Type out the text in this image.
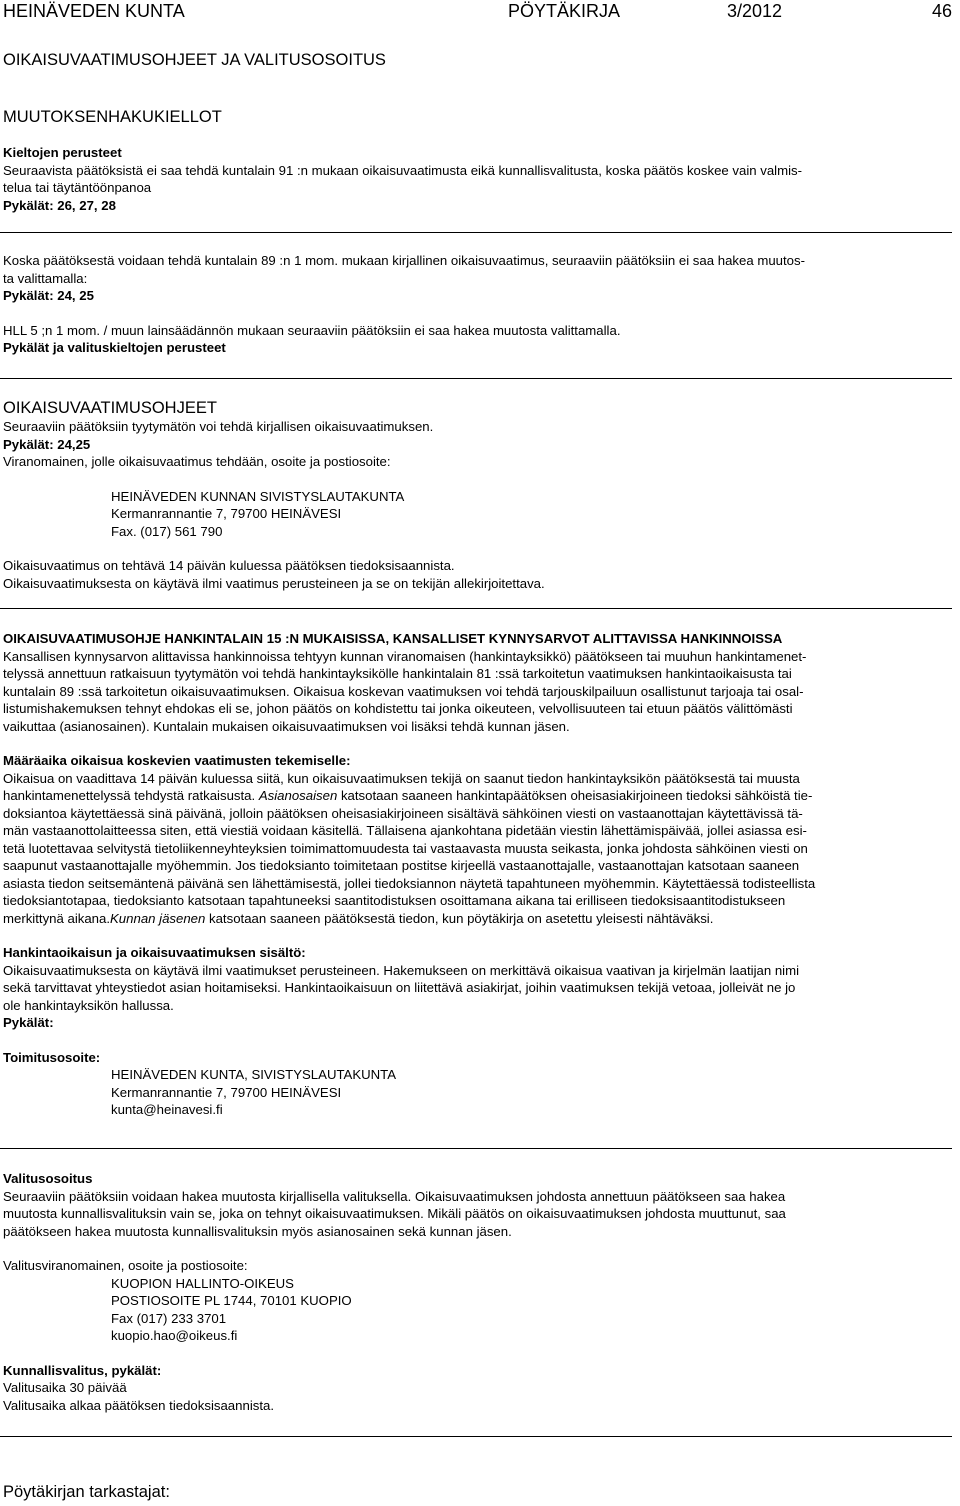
HEINÄVEDEN KUNTA	PÖYTÄKIRJA	3/2012	46
OIKAISUVAATIMUSOHJEET JA VALITUSOSOITUS

MUUTOKSENHAKUKIELLOT

Kieltojen perusteet

Seuraavista päätöksistä ei saa tehdä kuntalain 91 :n mukaan oikaisuvaatimusta eikä kunnallisvalitusta, koska päätös koskee vain valmis-

telua tai täytäntöönpanoa

Pykälät: 26, 27, 28

Koska päätöksestä voidaan tehdä kuntalain 89 :n 1 mom. mukaan kirjallinen oikaisuvaatimus, seuraaviin päätöksiin ei saa hakea muutos-

ta valittamalla:

Pykälät: 24, 25

HLL 5 ;n 1 mom. / muun lainsäädännön mukaan seuraaviin päätöksiin ei saa hakea muutosta valittamalla.

Pykälät ja valituskieltojen perusteet

OIKAISUVAATIMUSOHJEET

Seuraaviin päätöksiin tyytymätön voi tehdä kirjallisen oikaisuvaatimuksen.

Pykälät: 24,25

Viranomainen, jolle oikaisuvaatimus tehdään, osoite ja postiosoite:

HEINÄVEDEN KUNNAN SIVISTYSLAUTAKUNTA

Kermanrannantie 7, 79700 HEINÄVESI

Fax. (017) 561 790

Oikaisuvaatimus on tehtävä 14 päivän kuluessa päätöksen tiedoksisaannista.

Oikaisuvaatimuksesta on käytävä ilmi vaatimus perusteineen ja se on tekijän allekirjoitettava.

OIKAISUVAATIMUSOHJE HANKINTALAIN 15 :N MUKAISISSA, KANSALLISET KYNNYSARVOT ALITTAVISSA HANKINNOISSA

Kansallisen kynnysarvon alittavissa hankinnoissa tehtyyn kunnan viranomaisen (hankintayksikkö) päätökseen tai muuhun hankintamenet-

telyssä annettuun ratkaisuun tyytymätön voi tehdä hankintayksikölle hankintalain 81 :ssä tarkoitetun vaatimuksen hankintaoikaisusta tai

kuntalain 89 :ssä tarkoitetun oikaisuvaatimuksen. Oikaisua koskevan vaatimuksen voi tehdä tarjouskilpailuun osallistunut tarjoaja tai osal-

listumishakemuksen tehnyt ehdokas eli se, johon päätös on kohdistettu tai jonka oikeuteen, velvollisuuteen tai etuun päätös välittömästi

vaikuttaa (asianosainen). Kuntalain mukaisen oikaisuvaatimuksen voi lisäksi tehdä kunnan jäsen.

Määräaika oikaisua koskevien vaatimusten tekemiselle:

Oikaisua on vaadittava 14 päivän kuluessa siitä, kun oikaisuvaatimuksen tekijä on saanut tiedon hankintayksikön päätöksestä tai muusta

hankintamenettelyssä tehdystä ratkaisusta. Asianosaisen katsotaan saaneen hankintapäätöksen oheisasiakirjoineen tiedoksi sähköistä tie-

doksiantoa käytettäessä sinä päivänä, jolloin päätöksen oheisasiakirjoineen sisältävä sähköinen viesti on vastaanottajan käytettävissä tä-

män vastaanottolaitteessa siten, että viestiä voidaan käsitellä. Tällaisena ajankohtana pidetään viestin lähettämispäivää, jollei asiassa esi-

tetä luotettavaa selvitystä tietoliikenneyhteyksien toimimattomuudesta tai vastaavasta muusta seikasta, jonka johdosta sähköinen viesti on

saapunut vastaanottajalle myöhemmin. Jos tiedoksianto toimitetaan postitse kirjeellä vastaanottajalle, vastaanottajan katsotaan saaneen

asiasta tiedon seitsemäntenä päivänä sen lähettämisestä, jollei tiedoksiannon näytetä tapahtuneen myöhemmin. Käytettäessä todisteellista

tiedoksiantotapaa, tiedoksianto katsotaan tapahtuneeksi saantitodistuksen osoittamana aikana tai erilliseen tiedoksisaantitodistukseen

merkittynä aikana.Kunnan jäsenen katsotaan saaneen päätöksestä tiedon, kun pöytäkirja on asetettu yleisesti nähtäväksi.

Hankintaoikaisun ja oikaisuvaatimuksen sisältö:

Oikaisuvaatimuksesta on käytävä ilmi vaatimukset perusteineen. Hakemukseen on merkittävä oikaisua vaativan ja kirjelmän laatijan nimi

sekä tarvittavat yhteystiedot asian hoitamiseksi. Hankintaoikaisuun on liitettävä asiakirjat, joihin vaatimuksen tekijä vetoaa, jolleivät ne jo

ole hankintayksikön hallussa.

Pykälät:

Toimitusosoite:

HEINÄVEDEN KUNTA, SIVISTYSLAUTAKUNTA

Kermanrannantie 7, 79700 HEINÄVESI

kunta@heinavesi.fi

Valitusosoitus

Seuraaviin päätöksiin voidaan hakea muutosta kirjallisella valituksella. Oikaisuvaatimuksen johdosta annettuun päätökseen saa hakea

muutosta kunnallisvalituksin vain se, joka on tehnyt oikaisuvaatimuksen. Mikäli päätös on oikaisuvaatimuksen johdosta muuttunut, saa

päätökseen hakea muutosta kunnallisvalituksin myös asianosainen sekä kunnan jäsen.

Valitusviranomainen, osoite ja postiosoite:

KUOPION HALLINTO-OIKEUS

POSTIOSOITE PL 1744, 70101 KUOPIO

Fax (017) 233 3701

kuopio.hao@oikeus.fi

Kunnallisvalitus, pykälät:

Valitusaika 30 päivää

Valitusaika alkaa päätöksen tiedoksisaannista.

Pöytäkirjan tarkastajat:
